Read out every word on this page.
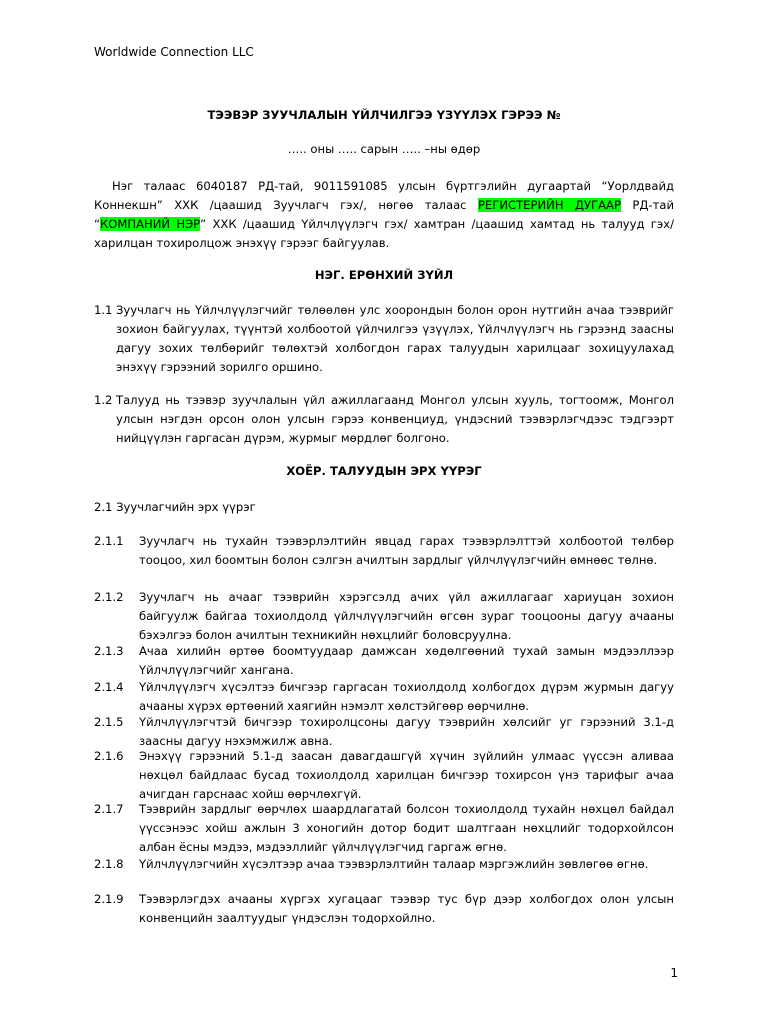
Worldwide Connection LLC
ТЭЭВЭР ЗУУЧЛАЛЫН ҮЙЛЧИЛГЭЭ ҮЗҮҮЛЭХ ГЭРЭЭ №
….. оны ….. сарын ….. –ны өдөр
Нэг талаас 6040187 РД-тай, 9011591085 улсын бүртгэлийн дугаартай “Уорлдвайд Коннекшн” ХХК /цаашид Зуучлагч гэх/, нөгөө талаас РЕГИСТЕРИЙН ДУГААР РД-тай “КОМПАНИЙ НЭР” ХХК /цаашид Үйлчлүүлэгч гэх/ хамтран /цаашид хамтад нь талууд гэх/ харилцан тохиролцож энэхүү гэрээг байгуулав.
НЭГ. ЕРӨНХИЙ ЗҮЙЛ
1.1 Зуучлагч нь Үйлчлүүлэгчийг төлөөлөн улс хоорондын болон орон нутгийн ачаа тээврийг зохион байгуулах, түүнтэй холбоотой үйлчилгээ үзүүлэх, Үйлчлүүлэгч нь гэрээнд заасны дагуу зохих төлбөрийг төлөхтэй холбогдон гарах талуудын харилцааг зохицуулахад энэхүү гэрээний зорилго оршино.
1.2 Талууд нь тээвэр зуучлалын үйл ажиллагаанд Монгол улсын хууль, тогтоомж, Монгол улсын нэгдэн орсон олон улсын гэрээ конвенциуд, үндэсний тээвэрлэгчдээс тэдгээрт нийцүүлэн гаргасан дүрэм, журмыг мөрдлөг болгоно.
ХОЁР. ТАЛУУДЫН ЭРХ ҮҮРЭГ
2.1 Зуучлагчийн эрх үүрэг
2.1.1 Зуучлагч нь тухайн тээвэрлэлтийн явцад гарах тээвэрлэлттэй холбоотой төлбөр тооцоо, хил боомтын болон сэлгэн ачилтын зардлыг үйлчлүүлэгчийн өмнөөс төлнө.
2.1.2 Зуучлагч нь ачааг тээврийн хэрэгсэлд ачих үйл ажиллагааг хариуцан зохион байгуулж байгаа тохиолдолд үйлчлүүлэгчийн өгсөн зураг тооцооны дагуу ачааны бэхэлгээ болон ачилтын техникийн нөхцлийг боловсруулна.
2.1.3 Ачаа хилийн өртөө боомтуудаар дамжсан хөдөлгөөний тухай замын мэдээллээр Үйлчлүүлэгчийг хангана.
2.1.4 Үйлчлүүлэгч хүсэлтээ бичгээр гаргасан тохиолдолд холбогдох дүрэм журмын дагуу ачааны хүрэх өртөөний хаягийн нэмэлт хөлстэйгөөр өөрчилнө.
2.1.5 Үйлчлүүлэгчтэй бичгээр тохиролцсоны дагуу тээврийн хөлсийг уг гэрээний 3.1-д заасны дагуу нэхэмжилж авна.
2.1.6 Энэхүү гэрээний 5.1-д заасан давагдашгүй хүчин зүйлийн улмаас үүссэн аливаа нөхцөл байдлаас бусад тохиолдолд харилцан бичгээр тохирсон үнэ тарифыг ачаа ачигдан гарснаас хойш өөрчлөхгүй.
2.1.7 Тээврийн зардлыг өөрчлөх шаардлагатай болсон тохиолдолд тухайн нөхцөл байдал үүссэнээс хойш ажлын 3 хоногийн дотор бодит шалтгаан нөхцлийг тодорхойлсон албан ёсны мэдээ, мэдээллийг үйлчлүүлэгчид гаргаж өгнө.
2.1.8 Үйлчлүүлэгчийн хүсэлтээр ачаа тээвэрлэлтийн талаар мэргэжлийн зөвлөгөө өгнө.
2.1.9 Тээвэрлэгдэх ачааны хүргэх хугацааг тээвэр тус бүр дээр холбогдох олон улсын конвенцийн заалтуудыг үндэслэн тодорхойлно.
1
